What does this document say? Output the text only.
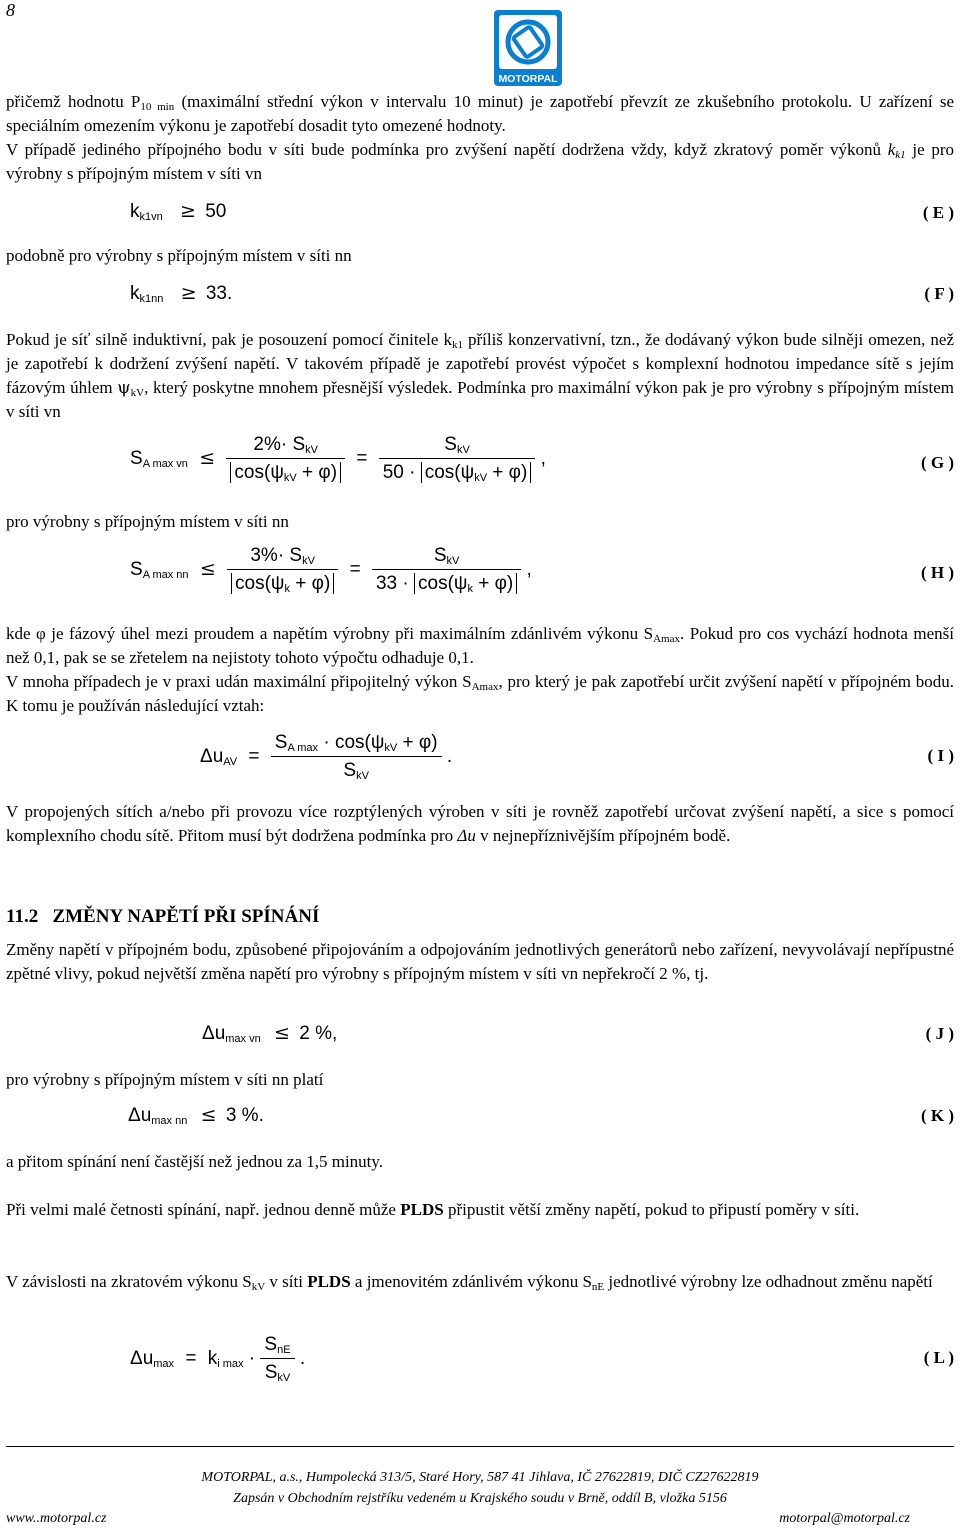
8
MOTORPAL
přičemž hodnotu $P_{10 min}$ (maximální střední výkon v intervalu 10 minut) je zapotřebí převzít ze zkušebního protokolu. U zařízení se speciálním omezením výkonu je zapotřebí dosadit tyto omezené hodnoty.
V případě jediného přípojného bodu v síti bude podmínka pro zvýšení napětí dodržena vždy, když zkratový poměr výkonů $k_{k1}$ je pro výrobny s přípojným místem v síti vn
$k_{k1vn} \ge 50$	( E )
podobně pro výrobny s přípojným místem v síti nn
$k_{k1nn} \ge 33$.	( F )
Pokud je síť silně induktivní, pak je posouzení pomocí činitele $k_{k1}$ příliš konzervativní, tzn., že dodávaný výkon bude silněji omezen, než je zapotřebí k dodržení zvýšení napětí. V takovém případě je zapotřebí provést výpočet s komplexní hodnotou impedance sítě s jejím fázovým úhlem $\psi_{kV}$, který poskytne mnohem přesnější výsledek. Podmínka pro maximální výkon pak je pro výrobny s přípojným místem v síti vn
$S_{A max vn} \le \frac{2\%\cdot S_{kV}}{\cos(\psi_{kV} + \varphi)} = \frac{S_{kV}}{50 \cdot \cos(\psi_{kV} + \varphi)}$ ,	( G )
pro výrobny s přípojným místem v síti nn
$S_{A max nn} \le \frac{3\%\cdot S_{kV}}{\cos(\psi_k + \varphi)} = \frac{S_{kV}}{33 \cdot \cos(\psi_k + \varphi)}$ ,	( H )
kde φ je fázový úhel mezi proudem a napětím výrobny při maximálním zdánlivém výkonu $S_{Amax}$. Pokud pro cos vychází hodnota menší než 0,1, pak se se zřetelem na nejistoty tohoto výpočtu odhaduje 0,1.
V mnoha případech je v praxi udán maximální připojitelný výkon $S_{Amax}$, pro který je pak zapotřebí určit zvýšení napětí v přípojném bodu. K tomu je používán následující vztah:
$\Delta u_{AV} = \frac{S_{A max} \cdot \cos(\psi_{kV} + \varphi)}{S_{kV}}$ .	( I )
V propojených sítích a/nebo při provozu více rozptýlených výroben v síti je rovněž zapotřebí určovat zvýšení napětí, a sice s pomocí komplexního chodu sítě. Přitom musí být dodržena podmínka pro Δu v nejnepříznivějším přípojném bodě.
11.2   ZMĚNY NAPĚTÍ PŘI SPÍNÁNÍ
Změny napětí v přípojném bodu, způsobené připojováním a odpojováním jednotlivých generátorů nebo zařízení, nevyvolávají nepřípustné zpětné vlivy, pokud největší změna napětí pro výrobny s přípojným místem v síti vn nepřekročí 2 %, tj.
$\Delta u_{max vn} \le 2$ %,	( J )
pro výrobny s přípojným místem v síti nn platí
$\Delta u_{max nn} \le 3$ %.	( K )
a přitom spínání není častější než jednou za 1,5 minuty.
Při velmi malé četnosti spínání, např. jednou denně může PLDS připustit větší změny napětí, pokud to připustí poměry v síti.
V závislosti na zkratovém výkonu $S_{kV}$ v síti PLDS a jmenovitém zdánlivém výkonu $S_{nE}$ jednotlivé výrobny lze odhadnout změnu napětí
$\Delta u_{max} = k_{i max} \cdot \frac{S_{nE}}{S_{kV}}$ .	( L )
MOTORPAL, a.s., Humpolecká 313/5, Staré Hory, 587 41 Jihlava, IČ 27622819, DIČ CZ27622819
Zapsán v Obchodním rejstříku vedeném u Krajského soudu v Brně, oddíl B, vložka 5156
www..motorpal.cz	motorpal@motorpal.cz
